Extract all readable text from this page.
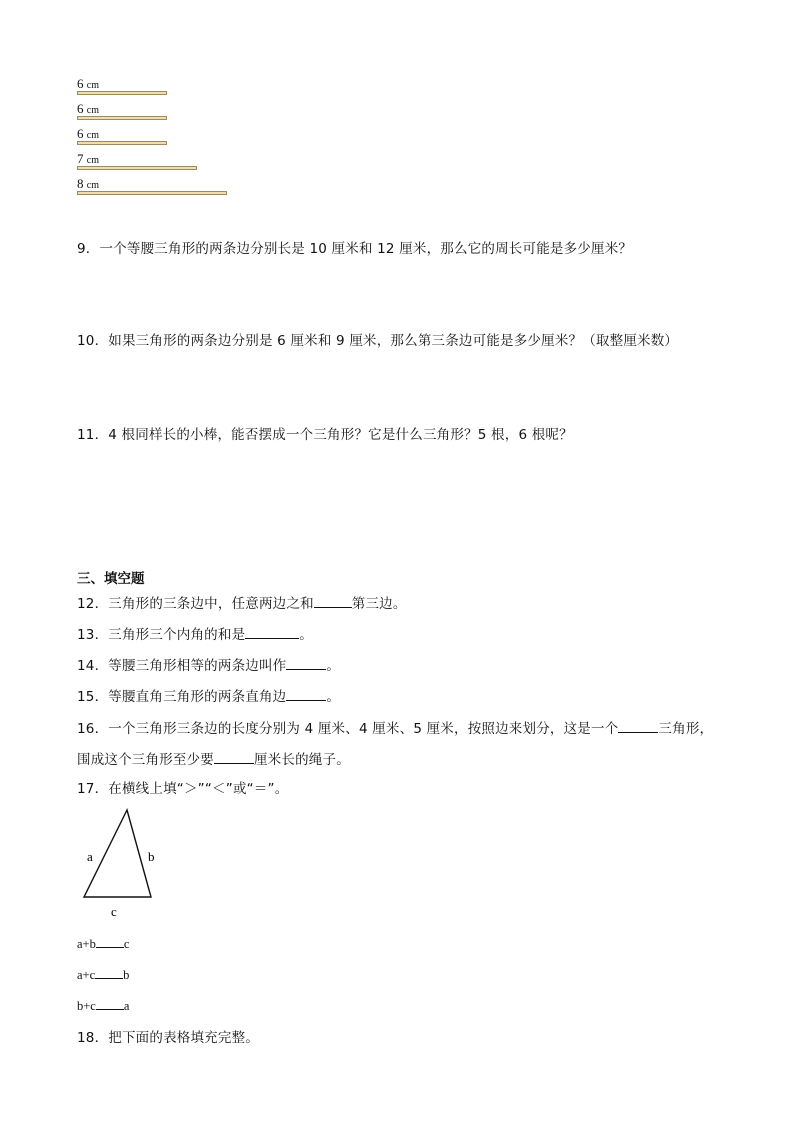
6 cm
6 cm
6 cm
7 cm
8 cm
9．一个等腰三角形的两条边分别长是 10 厘米和 12 厘米，那么它的周长可能是多少厘米？
10．如果三角形的两条边分别是 6 厘米和 9 厘米，那么第三条边可能是多少厘米？（取整厘米数）
11．4 根同样长的小棒，能否摆成一个三角形？它是什么三角形？5 根，6 根呢？
三、填空题
12．三角形的三条边中，任意两边之和	第三边。
13．三角形三个内角的和是	。
14．等腰三角形相等的两条边叫作	。
15．等腰直角三角形的两条直角边	。
16．一个三角形三条边的长度分别为 4 厘米、4 厘米、5 厘米，按照边来划分，这是一个	三角形，
围成这个三角形至少要	厘米长的绳子。
17．在横线上填“＞”“＜”或“＝”。
a	b
c
a+b c
a+c b
b+c a
18．把下面的表格填充完整。
